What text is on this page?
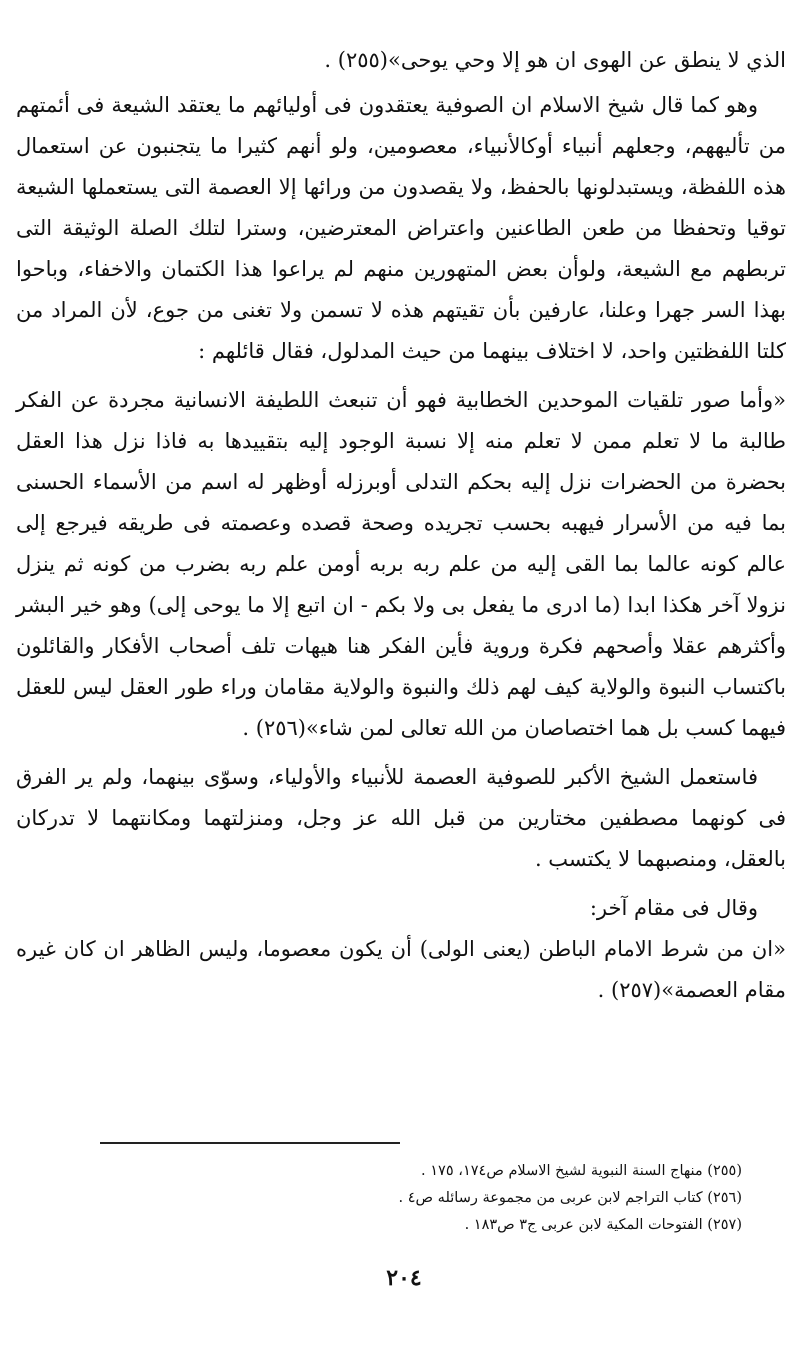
الذي لا ينطق عن الهوى ان هو إلا وحي يوحى»(٢٥٥) .

وهو كما قال شيخ الاسلام ان الصوفية يعتقدون فى أوليائهم ما يعتقد الشيعة فى أئمتهم من تأليههم، وجعلهم أنبياء أوكالأنبياء، معصومين، ولو أنهم كثيرا ما يتجنبون عن استعمال هذه اللفظة، ويستبدلونها بالحفظ، ولا يقصدون من ورائها إلا العصمة التى يستعملها الشيعة توقيا وتحفظا من طعن الطاعنين واعتراض المعترضين، وسترا لتلك الصلة الوثيقة التى تربطهم مع الشيعة، ولوأن بعض المتهورين منهم لم يراعوا هذا الكتمان والاخفاء، وباحوا بهذا السر جهرا وعلنا، عارفين بأن تقيتهم هذه لا تسمن ولا تغنى من جوع، لأن المراد من كلتا اللفظتين واحد، لا اختلاف بينهما من حيث المدلول، فقال قائلهم :

«وأما صور تلقيات الموحدين الخطابية فهو أن تنبعث اللطيفة الانسانية مجردة عن الفكر طالبة ما لا تعلم ممن لا تعلم منه إلا نسبة الوجود إليه بتقييدها به فاذا نزل هذا العقل بحضرة من الحضرات نزل إليه بحكم التدلى أوبرزله أوظهر له اسم من الأسماء الحسنى بما فيه من الأسرار فيهبه بحسب تجريده وصحة قصده وعصمته فى طريقه فيرجع إلى عالم كونه عالما بما القى إليه من علم ربه بربه أومن علم ربه بضرب من كونه ثم ينزل نزولا آخر هكذا ابدا (ما ادرى ما يفعل بى ولا بكم - ان اتبع إلا ما يوحى إلى) وهو خير البشر وأكثرهم عقلا وأصحهم فكرة وروية فأين الفكر هنا هيهات تلف أصحاب الأفكار والقائلون باكتساب النبوة والولاية كيف لهم ذلك والنبوة والولاية مقامان وراء طور العقل ليس للعقل فيهما كسب بل هما اختصاصان من الله تعالى لمن شاء»(٢٥٦) .

فاستعمل الشيخ الأكبر للصوفية العصمة للأنبياء والأولياء، وسوّى بينهما، ولم ير الفرق فى كونهما مصطفين مختارين من قبل الله عز وجل، ومنزلتهما ومكانتهما لا تدركان بالعقل، ومنصبهما لا يكتسب .

وقال فى مقام آخر:

«ان من شرط الامام الباطن (يعنى الولى) أن يكون معصوما، وليس الظاهر ان كان غيره مقام العصمة»(٢٥٧) .

(٢٥٥) منهاج السنة النبوية لشيخ الاسلام ص١٧٤، ١٧٥ .
(٢٥٦) كتاب التراجم لابن عربى من مجموعة رسائله ص٤ .
(٢٥٧) الفتوحات المكية لابن عربى ج٣ ص١٨٣ .
٢٠٤
